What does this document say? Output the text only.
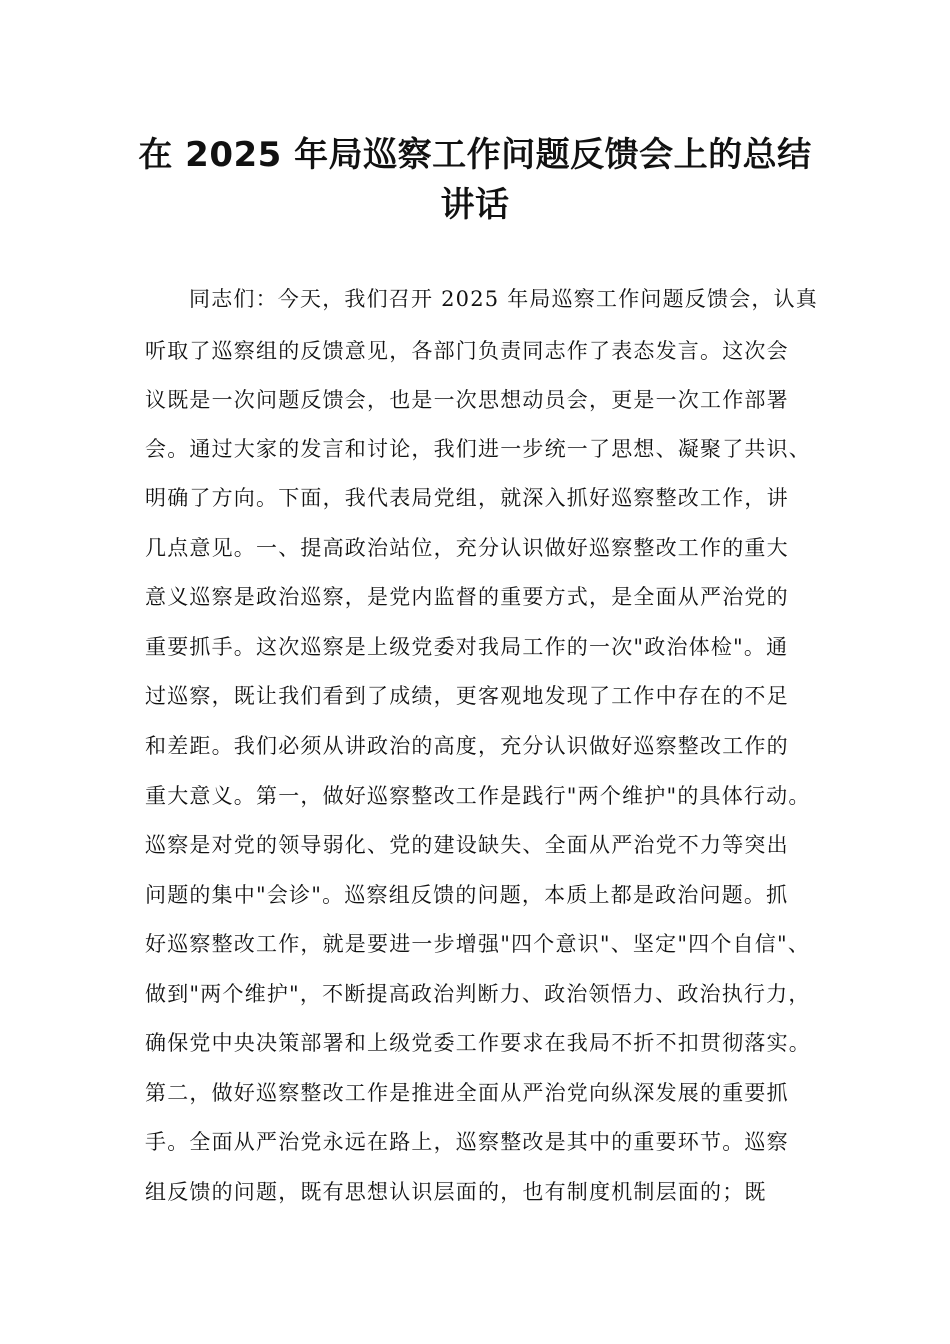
在 2025 年局巡察工作问题反馈会上的总结
讲话

同志们：今天，我们召开 2025 年局巡察工作问题反馈会，认真

听取了巡察组的反馈意见，各部门负责同志作了表态发言。这次会

议既是一次问题反馈会，也是一次思想动员会，更是一次工作部署

会。通过大家的发言和讨论，我们进一步统一了思想、凝聚了共识、

明确了方向。下面，我代表局党组，就深入抓好巡察整改工作，讲

几点意见。一、提高政治站位，充分认识做好巡察整改工作的重大

意义巡察是政治巡察，是党内监督的重要方式，是全面从严治党的

重要抓手。这次巡察是上级党委对我局工作的一次"政治体检"。通

过巡察，既让我们看到了成绩，更客观地发现了工作中存在的不足

和差距。我们必须从讲政治的高度，充分认识做好巡察整改工作的

重大意义。第一，做好巡察整改工作是践行"两个维护"的具体行动。

巡察是对党的领导弱化、党的建设缺失、全面从严治党不力等突出

问题的集中"会诊"。巡察组反馈的问题，本质上都是政治问题。抓

好巡察整改工作，就是要进一步增强"四个意识"、坚定"四个自信"、

做到"两个维护"，不断提高政治判断力、政治领悟力、政治执行力，

确保党中央决策部署和上级党委工作要求在我局不折不扣贯彻落实。

第二，做好巡察整改工作是推进全面从严治党向纵深发展的重要抓

手。全面从严治党永远在路上，巡察整改是其中的重要环节。巡察

组反馈的问题，既有思想认识层面的，也有制度机制层面的；既
